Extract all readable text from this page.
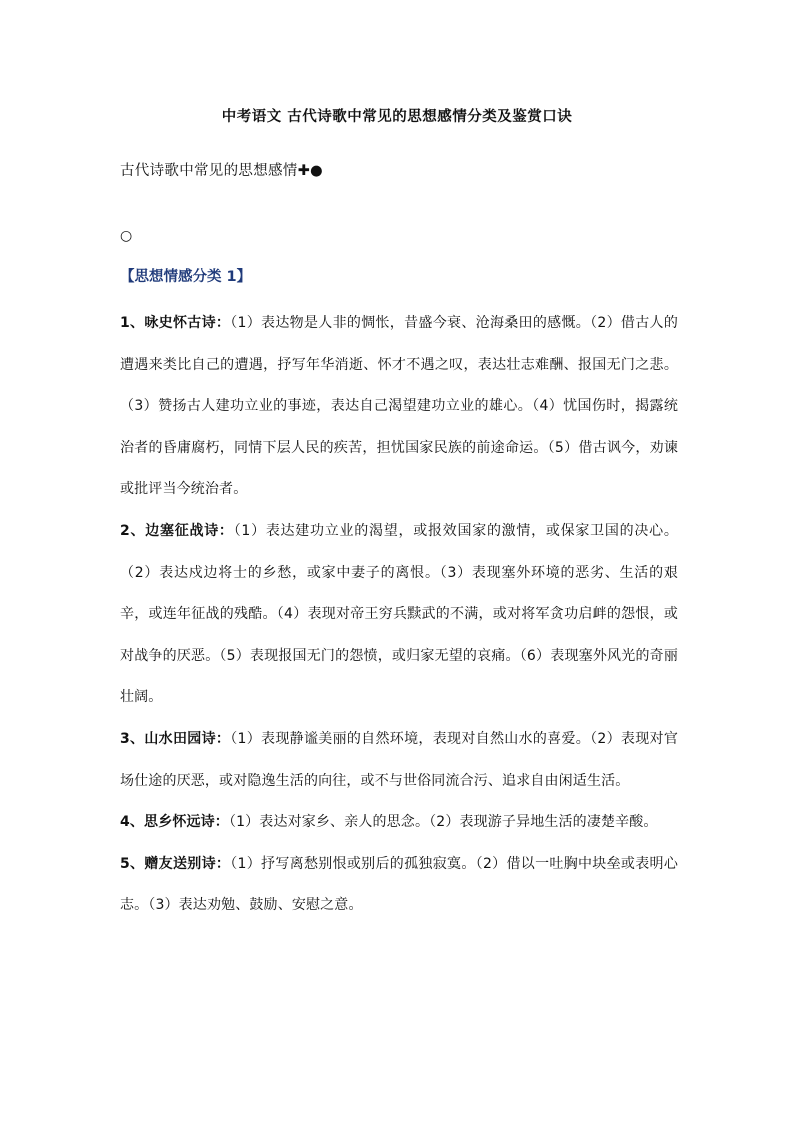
中考语文 古代诗歌中常见的思想感情分类及鉴赏口诀
古代诗歌中常见的思想感情✚●
○
【思想情感分类 1】

1、咏史怀古诗：（1）表达物是人非的惆怅，昔盛今衰、沧海桑田的感慨。（2）借古人的遭遇来类比自己的遭遇，抒写年华消逝、怀才不遇之叹，表达壮志难酬、报国无门之悲。（3）赞扬古人建功立业的事迹，表达自己渴望建功立业的雄心。（4）忧国伤时，揭露统治者的昏庸腐朽，同情下层人民的疾苦，担忧国家民族的前途命运。（5）借古讽今，劝谏或批评当今统治者。

2、边塞征战诗：（1）表达建功立业的渴望，或报效国家的激情，或保家卫国的决心。（2）表达戍边将士的乡愁，或家中妻子的离恨。（3）表现塞外环境的恶劣、生活的艰辛，或连年征战的残酷。（4）表现对帝王穷兵黩武的不满，或对将军贪功启衅的怨恨，或对战争的厌恶。（5）表现报国无门的怨愤，或归家无望的哀痛。（6）表现塞外风光的奇丽壮阔。

3、山水田园诗：（1）表现静谧美丽的自然环境，表现对自然山水的喜爱。（2）表现对官场仕途的厌恶，或对隐逸生活的向往，或不与世俗同流合污、追求自由闲适生活。

4、思乡怀远诗：（1）表达对家乡、亲人的思念。（2）表现游子异地生活的凄楚辛酸。

5、赠友送别诗：（1）抒写离愁别恨或别后的孤独寂寞。（2）借以一吐胸中块垒或表明心志。（3）表达劝勉、鼓励、安慰之意。
